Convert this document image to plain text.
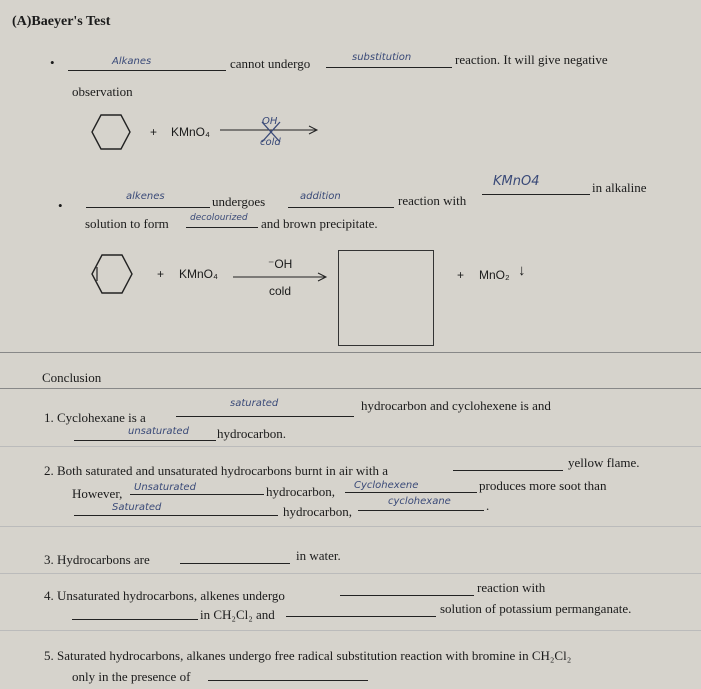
(A)Baeyer's Test
•	Alkanes	cannot undergo	substitution	reaction. It will give negative
observation
+ KMnO₄
OH
cold
•
alkenes	undergoes	addition	reaction with
KMnO4	in alkaline
solution to form decolourized and brown precipitate.
+ KMnO₄
⁻OH
cold
+ MnO₂ ↓
Conclusion
1. Cyclohexane is a
saturated	hydrocarbon and cyclohexene is and
unsaturated hydrocarbon.
2. Both saturated and unsaturated hydrocarbons burnt in air with a
yellow flame.
However, Unsaturated	hydrocarbon, Cyclohexene	produces more soot than
Saturated	hydrocarbon,
cyclohexane	.
3. Hydrocarbons are	in water.
4. Unsaturated hydrocarbons, alkenes undergo
reaction with
in CH₂Cl₂ and	solution of potassium permanganate.
5. Saturated hydrocarbons, alkanes undergo free radical substitution reaction with bromine in CH₂Cl₂
only in the presence of
